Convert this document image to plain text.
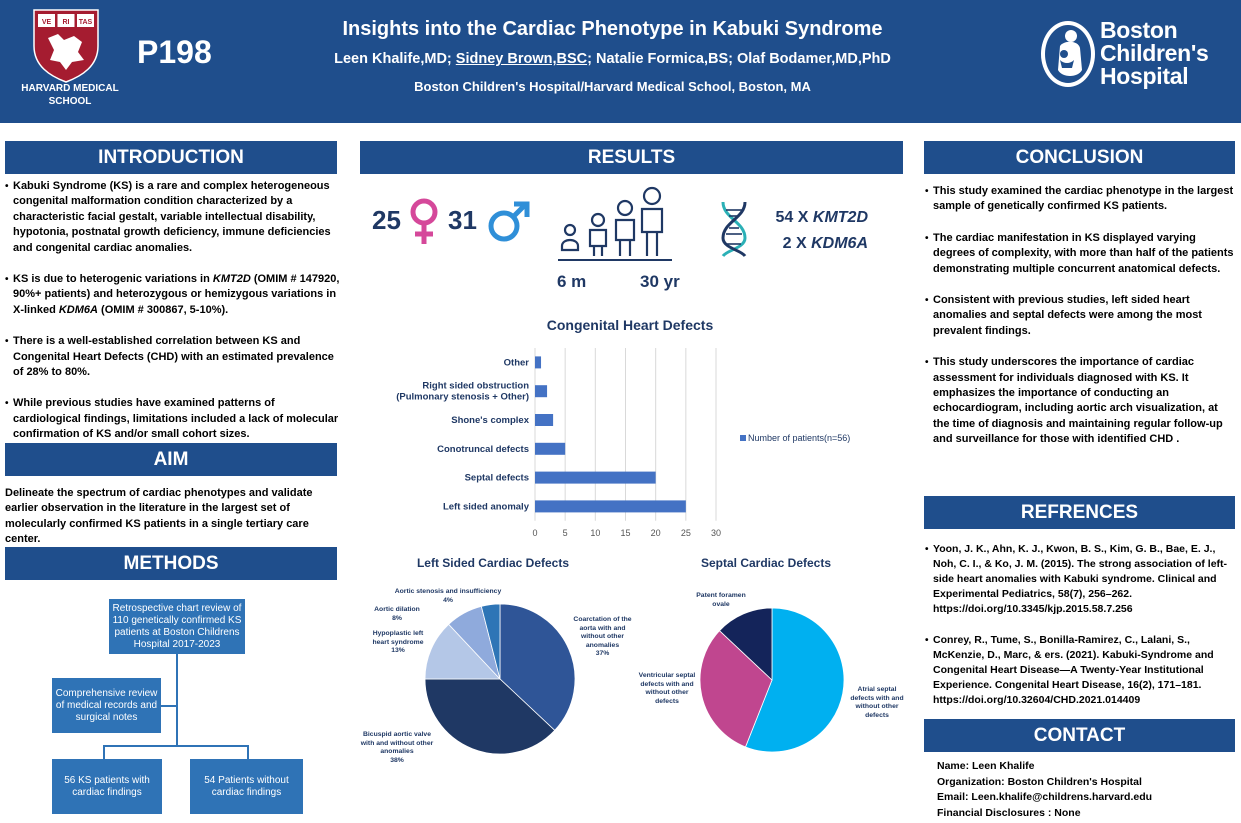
VE RI TAS
HARVARD MEDICAL SCHOOL
P198
Insights into the Cardiac Phenotype in Kabuki Syndrome
Leen Khalife,MD; Sidney Brown,BSC; Natalie Formica,BS; Olaf Bodamer,MD,PhD
Boston Children's Hospital/Harvard Medical School, Boston, MA
Boston
Children's
Hospital
INTRODUCTION
• Kabuki Syndrome (KS) is a rare and complex heterogeneous congenital malformation condition characterized by a characteristic facial gestalt, variable intellectual disability, hypotonia, postnatal growth deficiency, immune deficiencies and congenital cardiac anomalies.
• KS is due to heterogenic variations in KMT2D (OMIM # 147920, 90%+ patients) and heterozygous or hemizygous variations in X-linked KDM6A (OMIM # 300867, 5-10%).
• There is a well-established correlation between KS and Congenital Heart Defects (CHD) with an estimated prevalence of 28% to 80%.
• While previous studies have examined patterns of cardiological findings, limitations included a lack of molecular confirmation of KS and/or small cohort sizes.
AIM
Delineate the spectrum of cardiac phenotypes and validate earlier observation in the literature in the largest set of molecularly confirmed KS patients in a single tertiary care center.
METHODS
Retrospective chart review of 110 genetically confirmed KS patients at Boston Childrens Hospital 2017-2023
Comprehensive review of medical records and surgical notes
56 KS patients with cardiac findings
54 Patients without cardiac findings
RESULTS
25 31
6 m	30 yr
54 X KMT2D
2 X KDM6A
Congenital Heart Defects
0	5	10 15 20 25 30
Left sided anomaly
Septal defects
Conotruncal defects
Shone's complex
Right sided obstruction
(Pulmonary stenosis + Other)
Other
Number of patients(n=56)
Left Sided Cardiac Defects
Coarctation of the aorta with and without other anomalies
37%
Bicuspid aortic valve with and without other anomalies
38%
Hypoplastic left heart syndrome
13%
Aortic dilation
8%
Aortic stenosis and insufficiency
4%
Septal Cardiac Defects
Atrial septal defects with and without other defects
Ventricular septal defects with and without other defects
Patent foramen ovale
CONCLUSION
• This study examined the cardiac phenotype in the largest sample of genetically confirmed KS patients.
• The cardiac manifestation in KS displayed varying degrees of complexity, with more than half of the patients demonstrating multiple concurrent anatomical defects.
• Consistent with previous studies, left sided heart anomalies and septal defects were among the most prevalent findings.
• This study underscores the importance of cardiac assessment for individuals diagnosed with KS. It emphasizes the importance of conducting an echocardiogram, including aortic arch visualization, at the time of diagnosis and maintaining regular follow-up and surveillance for those with identified CHD .
REFRENCES
• Yoon, J. K., Ahn, K. J., Kwon, B. S., Kim, G. B., Bae, E. J., Noh, C. I., & Ko, J. M. (2015). The strong association of left-side heart anomalies with Kabuki syndrome. Clinical and Experimental Pediatrics, 58(7), 256–262. https://doi.org/10.3345/kjp.2015.58.7.256
• Conrey, R., Tume, S., Bonilla-Ramirez, C., Lalani, S., McKenzie, D., Marc, & ers. (2021). Kabuki-Syndrome and Congenital Heart Disease—A Twenty-Year Institutional Experience. Congenital Heart Disease, 16(2), 171–181. https://doi.org/10.32604/CHD.2021.014409
CONTACT
Name: Leen Khalife
Organization: Boston Children's Hospital
Email: Leen.khalife@childrens.harvard.edu
Financial Disclosures : None
